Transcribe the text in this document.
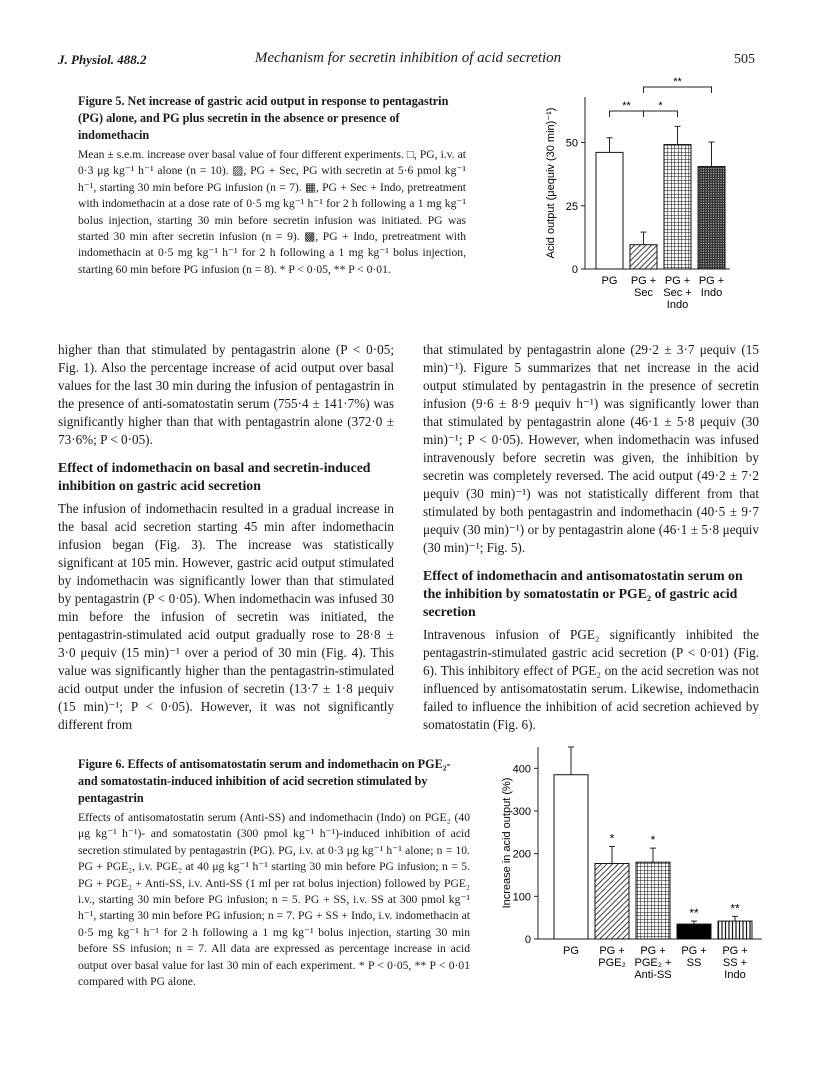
J. Physiol. 488.2	Mechanism for secretin inhibition of acid secretion	505
Figure 5. Net increase of gastric acid output in response to pentagastrin (PG) alone, and PG plus secretin in the absence or presence of indomethacin
Mean ± s.e.m. increase over basal value of four different experiments. □, PG, i.v. at 0·3 μg kg⁻¹ h⁻¹ alone (n = 10). ▨, PG + Sec, PG with secretin at 5·6 pmol kg⁻¹ h⁻¹, starting 30 min before PG infusion (n = 7). ▦, PG + Sec + Indo, pretreatment with indomethacin at a dose rate of 0·5 mg kg⁻¹ h⁻¹ for 2 h following a 1 mg kg⁻¹ bolus injection, starting 30 min before secretin infusion was initiated. PG was started 30 min after secretin infusion (n = 9). ▩, PG + Indo, pretreatment with indomethacin at 0·5 mg kg⁻¹ h⁻¹ for 2 h following a 1 mg kg⁻¹ bolus injection, starting 60 min before PG infusion (n = 8). * P < 0·05, ** P < 0·01.	0
25
50
Acid output (μequiv (30 min)⁻¹)
PG PG +
Sec
PG +
Sec +
Indo
PG +
Indo
**	*
**

higher than that stimulated by pentagastrin alone (P < 0·05; Fig. 1). Also the percentage increase of acid output over basal values for the last 30 min during the infusion of pentagastrin in the presence of anti-somatostatin serum (755·4 ± 141·7%) was significantly higher than that with pentagastrin alone (372·0 ± 73·6%; P < 0·05).

Effect of indomethacin on basal and secretin-induced inhibition on gastric acid secretion

The infusion of indomethacin resulted in a gradual increase in the basal acid secretion starting 45 min after indomethacin infusion began (Fig. 3). The increase was statistically significant at 105 min. However, gastric acid output stimulated by indomethacin was significantly lower than that stimulated by pentagastrin (P < 0·05). When indomethacin was infused 30 min before the infusion of secretin was initiated, the pentagastrin-stimulated acid output gradually rose to 28·8 ± 3·0 μequiv (15 min)⁻¹ over a period of 30 min (Fig. 4). This value was significantly higher than the pentagastrin-stimulated acid output under the infusion of secretin (13·7 ± 1·8 μequiv (15 min)⁻¹; P < 0·05). However, it was not significantly different from

that stimulated by pentagastrin alone (29·2 ± 3·7 μequiv (15 min)⁻¹). Figure 5 summarizes that net increase in the acid output stimulated by pentagastrin in the presence of secretin infusion (9·6 ± 8·9 μequiv h⁻¹) was significantly lower than that stimulated by pentagastrin alone (46·1 ± 5·8 μequiv (30 min)⁻¹; P < 0·05). However, when indomethacin was infused intravenously before secretin was given, the inhibition by secretin was completely reversed. The acid output (49·2 ± 7·2 μequiv (30 min)⁻¹) was not statistically different from that stimulated by both pentagastrin and indomethacin (40·5 ± 9·7 μequiv (30 min)⁻¹) or by pentagastrin alone (46·1 ± 5·8 μequiv (30 min)⁻¹; Fig. 5).

Effect of indomethacin and antisomatostatin serum on the inhibition by somatostatin or PGE₂ of gastric acid secretion

Intravenous infusion of PGE₂ significantly inhibited the pentagastrin-stimulated gastric acid secretion (P < 0·01) (Fig. 6). This inhibitory effect of PGE₂ on the acid secretion was not influenced by antisomatostatin serum. Likewise, indomethacin failed to influence the inhibition of acid secretion achieved by somatostatin (Fig. 6).

Figure 6. Effects of antisomatostatin serum and indomethacin on PGE₂- and somatostatin-induced inhibition of acid secretion stimulated by pentagastrin
Effects of antisomatostatin serum (Anti-SS) and indomethacin (Indo) on PGE₂ (40 μg kg⁻¹ h⁻¹)- and somatostatin (300 pmol kg⁻¹ h⁻¹)-induced inhibition of acid secretion stimulated by pentagastrin (PG). PG, i.v. at 0·3 μg kg⁻¹ h⁻¹ alone; n = 10. PG + PGE₂, i.v. PGE₂ at 40 μg kg⁻¹ h⁻¹ starting 30 min before PG infusion; n = 5. PG + PGE₂ + Anti-SS, i.v. Anti-SS (1 ml per rat bolus injection) followed by PGE₂ i.v., starting 30 min before PG infusion; n = 5. PG + SS, i.v. SS at 300 pmol kg⁻¹ h⁻¹, starting 30 min before PG infusion; n = 7. PG + SS + Indo, i.v. indomethacin at 0·5 mg kg⁻¹ h⁻¹ for 2 h following a 1 mg kg⁻¹ bolus injection, starting 30 min before SS infusion; n = 7. All data are expressed as percentage increase in acid output over basal value for last 30 min of each experiment. * P < 0·05, ** P < 0·01 compared with PG alone.
0
100
200
300
400
Increase in acid output (%)
PG PG +
PGE₂
*
PG +
PGE₂ +
Anti-SS
*
PG +
SS
**
PG +
SS +
Indo
**
